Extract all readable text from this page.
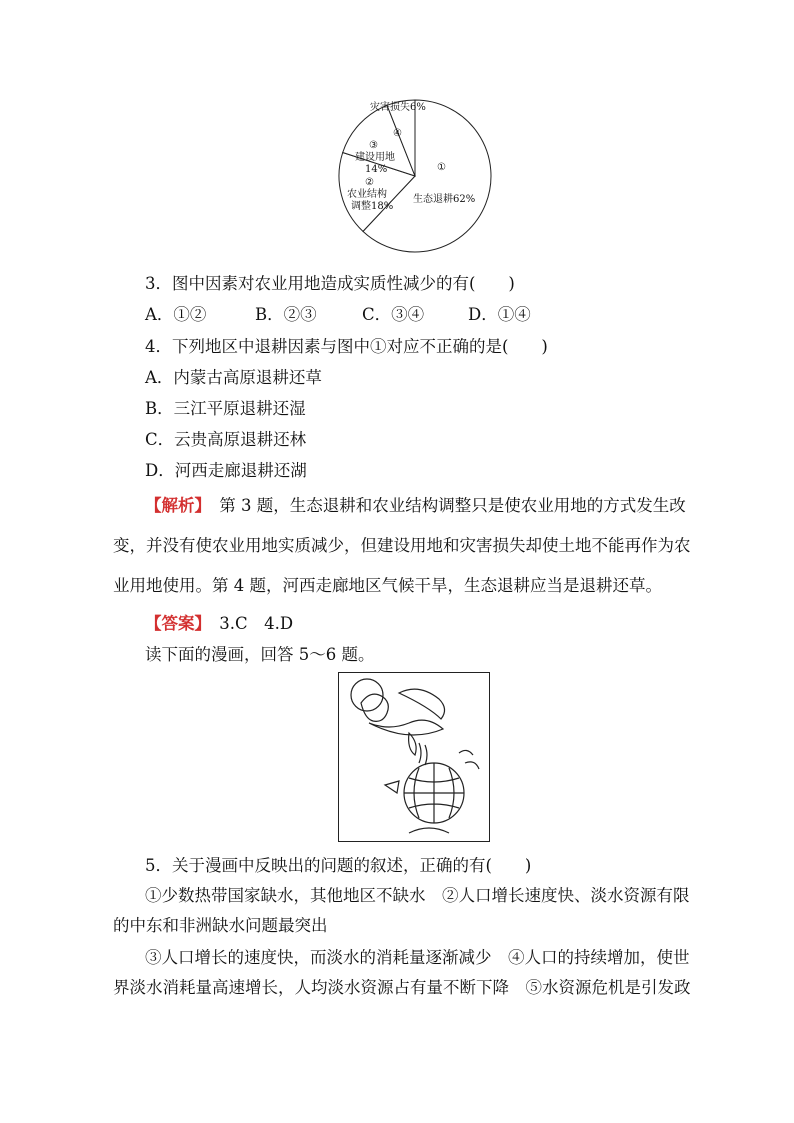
灾害损失6%
④
③
建设用地
14%
②
农业结构
调整18%
①
生态退耕62%
3．图中因素对农业用地造成实质性减少的有(　　)
A．①②	B．②③	C．③④	D．①④
4．下列地区中退耕因素与图中①对应不正确的是(　　)
A．内蒙古高原退耕还草
B．三江平原退耕还湿
C．云贵高原退耕还林
D．河西走廊退耕还湖
【解析】　第 3 题，生态退耕和农业结构调整只是使农业用地的方式发生改
变，并没有使农业用地实质减少，但建设用地和灾害损失却使土地不能再作为农
业用地使用。第 4 题，河西走廊地区气候干旱，生态退耕应当是退耕还草。
【答案】　3.C　4.D
读下面的漫画，回答 5～6 题。
5．关于漫画中反映出的问题的叙述，正确的有(　　)
①少数热带国家缺水，其他地区不缺水　②人口增长速度快、淡水资源有限
的中东和非洲缺水问题最突出
③人口增长的速度快，而淡水的消耗量逐渐减少　④人口的持续增加，使世
界淡水消耗量高速增长，人均淡水资源占有量不断下降　⑤水资源危机是引发政
